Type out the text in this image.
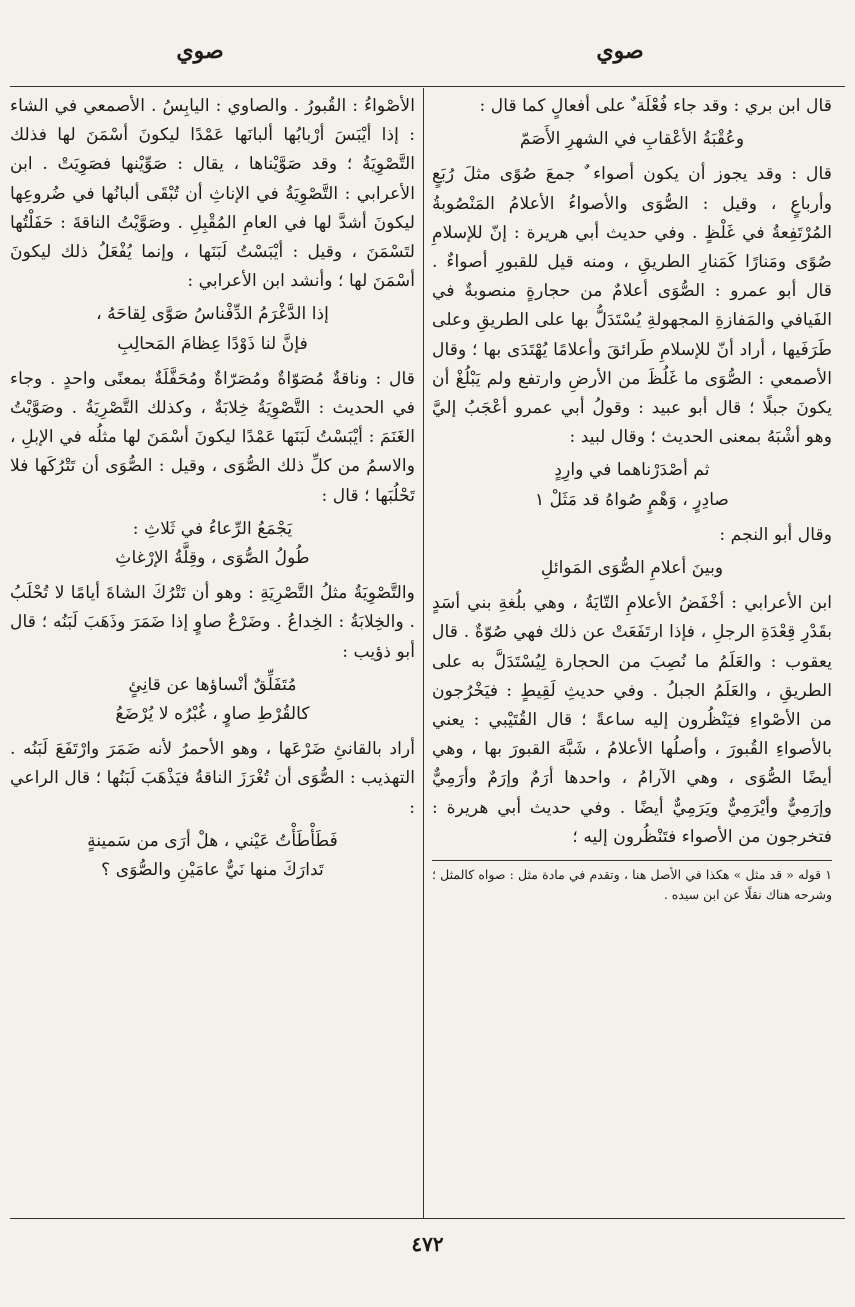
صوي
صوي

قال ابن بري : وقد جاء فُعْلَة ٌ على أفعالٍ كما قال :

وعُقْبَةُ الأعْقابِ في الشهرِ الأَصَمّ

قال : وقد يجوز أن يكون أصواء ٌ جمعَ صُوًى مثلَ رُبَعٍ وأرباعٍ ، وقيل : الصُّوَى والأصواءُ الأعلامُ المَنْصُوبةُ المُرْتَفِعةُ في غَلْظٍ . وفي حديث أبي هريرة : إنّ للإسلامِ صُوًى ومَنارًا كَمَنارِ الطريقِ ، ومنه قيل للقبورِ أصواءٌ . قال أبو عمرو : الصُّوَى أعلامٌ من حجارةٍ منصوبةٌ في الفَيافي والمَفازةِ المجهولةِ يُسْتَدَلُّ بها على الطريقِ وعلى طَرَفَيها ، أراد أنّ للإسلامِ طَرائقَ وأعلامًا يُهْتَدَى بها ؛ وقال الأصمعي : الصُّوَى ما غَلُظَ من الأرضِ وارتفع ولم يَبْلُغْ أن يكونَ جبلًا ؛ قال أبو عبيد : وقولُ أبي عمرو أعْجَبُ إليَّ وهو أشْبَهُ بمعنى الحديث ؛ وقال لبيد :

ثم أصْدَرْناهما في وارِدٍ
صادِرٍ ، وَهْمٍ صُواهُ قد مَثَلْ ١

وقال أبو النجم :

وبينَ أعلامِ الصُّوَى المَوائلِ

ابن الأعرابي : أخْفَضُ الأعلامِ التّايَةُ ، وهي بلُغةِ بني أسَدٍ بقَدْرِ قِعْدَةِ الرجلِ ، فإذا ارتَفَعَتْ عن ذلك فهي صُوّةٌ . قال يعقوب : والعَلَمُ ما نُصِبَ من الحجارة لِيُسْتَدَلَّ به على الطريقِ ، والعَلَمُ الجبلُ . وفي حديثِ لَقِيطٍ : فيَخْرُجون من الأصْواءِ فيَنْظُرون إليه ساعةً ؛ قال القُتَيْبي : يعني بالأصواءِ القُبورَ ، وأصلُها الأعلامُ ، شَبَّهَ القبورَ بها ، وهي أيضًا الصُّوَى ، وهي الآرامُ ، واحدها أرَمٌ وإرَمٌ وأرَمِيٌّ وإرَمِيٌّ وأيْرَمِيٌّ ويَرَمِيٌّ أيضًا . وفي حديث أبي هريرة : فتخرجون من الأصواء فتَنْظُرون إليه ؛

١ قوله « قد مثل » هكذا في الأصل هنا ، وتقدم في مادة مثل : صواه كالمثل ؛ وشرحه هناك نقلًا عن ابن سيده .

الأصْواءُ : القُبورُ . والصاوي : اليابِسُ . الأصمعي في الشاء : إذا أيْبَسَ أرْبابُها ألبانَها عَمْدًا ليكونَ أسْمَنَ لها فذلك التَّصْوِيَةُ ؛ وقد صَوَّيْناها ، يقال : صَوِّيْنها فصَوِيَتْ . ابن الأعرابي : التَّصْوِيَةُ في الإناثِ أن تُبْقَى ألبانُها في ضُروعِها ليكونَ أشدَّ لها في العامِ المُقْبِلِ . وصَوَّيْتُ الناقةَ : حَفَلْتُها لتَسْمَنَ ، وقيل : أيْبَسْتُ لَبَنَها ، وإنما يُفْعَلُ ذلك ليكونَ أسْمَنَ لها ؛ وأنشد ابن الأعرابي :

إذا الدَّغْرَمُ الدِّفْناسُ صَوَّى لِقاحَهُ ،
فإنَّ لنا ذَوْدًا عِظامَ المَحالِبِ

قال : وناقةٌ مُصَوّاةٌ ومُصَرّاةٌ ومُحَفَّلَةٌ بمعنًى واحدٍ . وجاء في الحديث : التَّصْوِيَةُ خِلابَةٌ ، وكذلك التَّصْرِيَةُ . وصَوَّيْتُ الغَنَمَ : أيْبَسْتُ لَبَنَها عَمْدًا ليكونَ أسْمَنَ لها مثلُه في الإبلِ ، والاسمُ من كلِّ ذلك الصُّوَى ، وقيل : الصُّوَى أن تَتْرُكَها فلا تَحْلُبَها ؛ قال :

يَجْمَعُ الرِّعاءُ في ثَلاثِ :
طُولُ الصُّوَى ، وقِلَّةُ الإرْغاثِ

والتَّصْوِيَةُ مثلُ التَّصْرِيَةِ : وهو أن تَتْرُكَ الشاةَ أيامًا لا تُحْلَبُ . والخِلابَةُ : الخِداعُ . وضَرْعٌ صاوٍ إذا ضَمَرَ وذَهَبَ لَبَنُه ؛ قال أبو ذؤيب :

مُتَفَلِّقٌ أنْساؤها عن قانِئٍ
كالقُرْطِ صاوٍ ، غُبْرُه لا يُرْضَعُ

أراد بالقانئِ ضَرْعَها ، وهو الأحمرُ لأنه ضَمَرَ وارْتَفَعَ لَبَنُه . التهذيب : الصُّوَى أن تُغْرَزَ الناقةُ فيَذْهَبَ لَبَنُها ؛ قال الراعي :

فَطَأْطَأْتُ عَيْني ، هلْ أرَى من سَمينةٍ
تَدارَكَ منها نَيٌّ عامَيْنِ والصُّوَى ؟
٤٧٢
